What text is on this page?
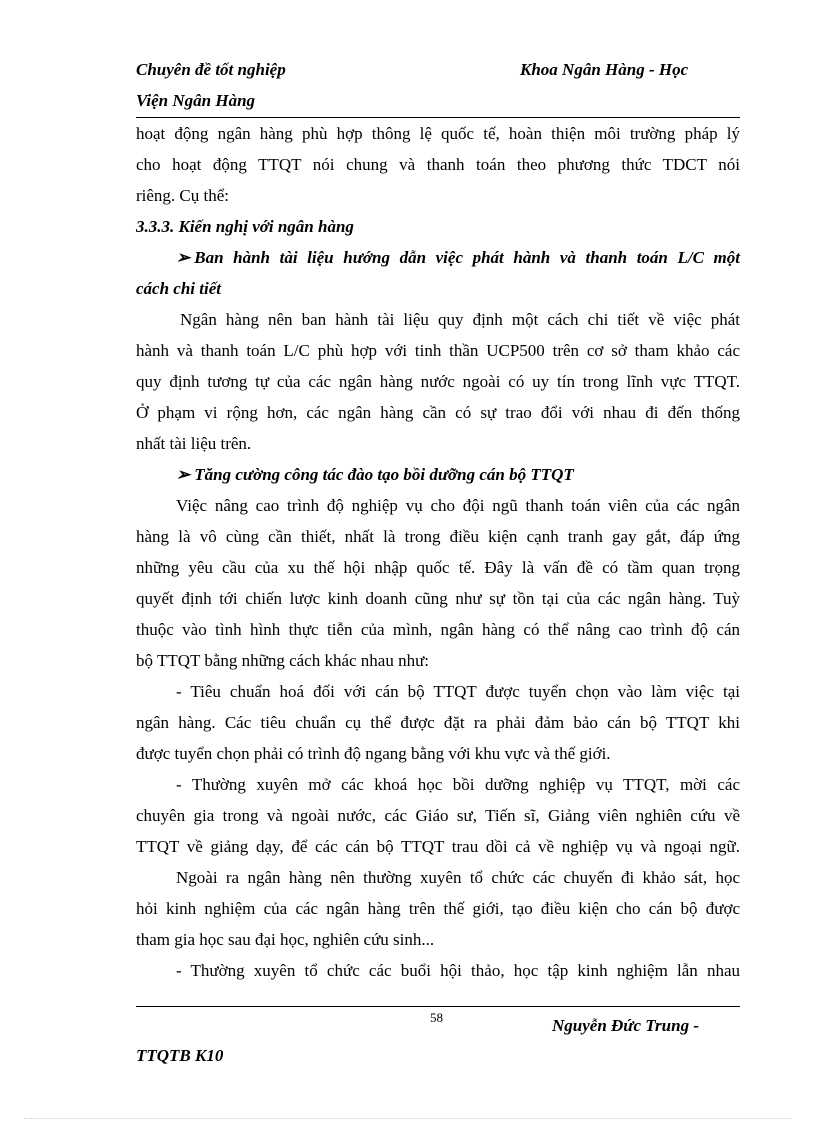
Chuyên đề tốt nghiệp	Khoa Ngân Hàng - Học
Viện Ngân Hàng
hoạt động ngân hàng phù hợp thông lệ quốc tế, hoàn thiện môi trường pháp lý
cho hoạt động TTQT nói chung và thanh toán theo phương thức TDCT nói
riêng. Cụ thể:
3.3.3. Kiến nghị với ngân hàng
➢ Ban hành tài liệu hướng dẫn việc phát hành và thanh toán L/C một
cách chi tiết
Ngân hàng nên ban hành tài liệu quy định một cách chi tiết về việc phát
hành và thanh toán L/C phù hợp với tinh thần UCP500 trên cơ sở tham khảo các
quy định tương tự của các ngân hàng nước ngoài có uy tín trong lĩnh vực TTQT.
Ở phạm vi rộng hơn, các ngân hàng cần có sự trao đổi với nhau đi đến thống
nhất tài liệu trên.
➢ Tăng cường công tác đào tạo bồi dưỡng cán bộ TTQT
Việc nâng cao trình độ nghiệp vụ cho đội ngũ thanh toán viên của các ngân
hàng là vô cùng cần thiết, nhất là trong điều kiện cạnh tranh gay gắt, đáp ứng
những yêu cầu của xu thế hội nhập quốc tế. Đây là vấn đề có tầm quan trọng
quyết định tới chiến lược kinh doanh cũng như sự tồn tại của các ngân hàng. Tuỳ
thuộc vào tình hình thực tiễn của mình, ngân hàng có thể nâng cao trình độ cán
bộ TTQT bằng những cách khác nhau như:
- Tiêu chuẩn hoá đối với cán bộ TTQT được tuyển chọn vào làm việc tại
ngân hàng. Các tiêu chuẩn cụ thể được đặt ra phải đảm bảo cán bộ TTQT khi
được tuyển chọn phải có trình độ ngang bằng với khu vực và thế giới.
- Thường xuyên mở các khoá học bồi dưỡng nghiệp vụ TTQT, mời các
chuyên gia trong và ngoài nước, các Giáo sư, Tiến sĩ, Giảng viên nghiên cứu về
TTQT về giảng dạy, để các cán bộ TTQT trau dồi cả về nghiệp vụ và ngoại ngữ.
Ngoài ra ngân hàng nên thường xuyên tổ chức các chuyến đi khảo sát, học
hỏi kinh nghiệm của các ngân hàng trên thế giới, tạo điều kiện cho cán bộ được
tham gia học sau đại học, nghiên cứu sinh...
- Thường xuyên tổ chức các buổi hội thảo, học tập kinh nghiệm lẫn nhau
58	Nguyễn Đức Trung -
TTQTB K10
